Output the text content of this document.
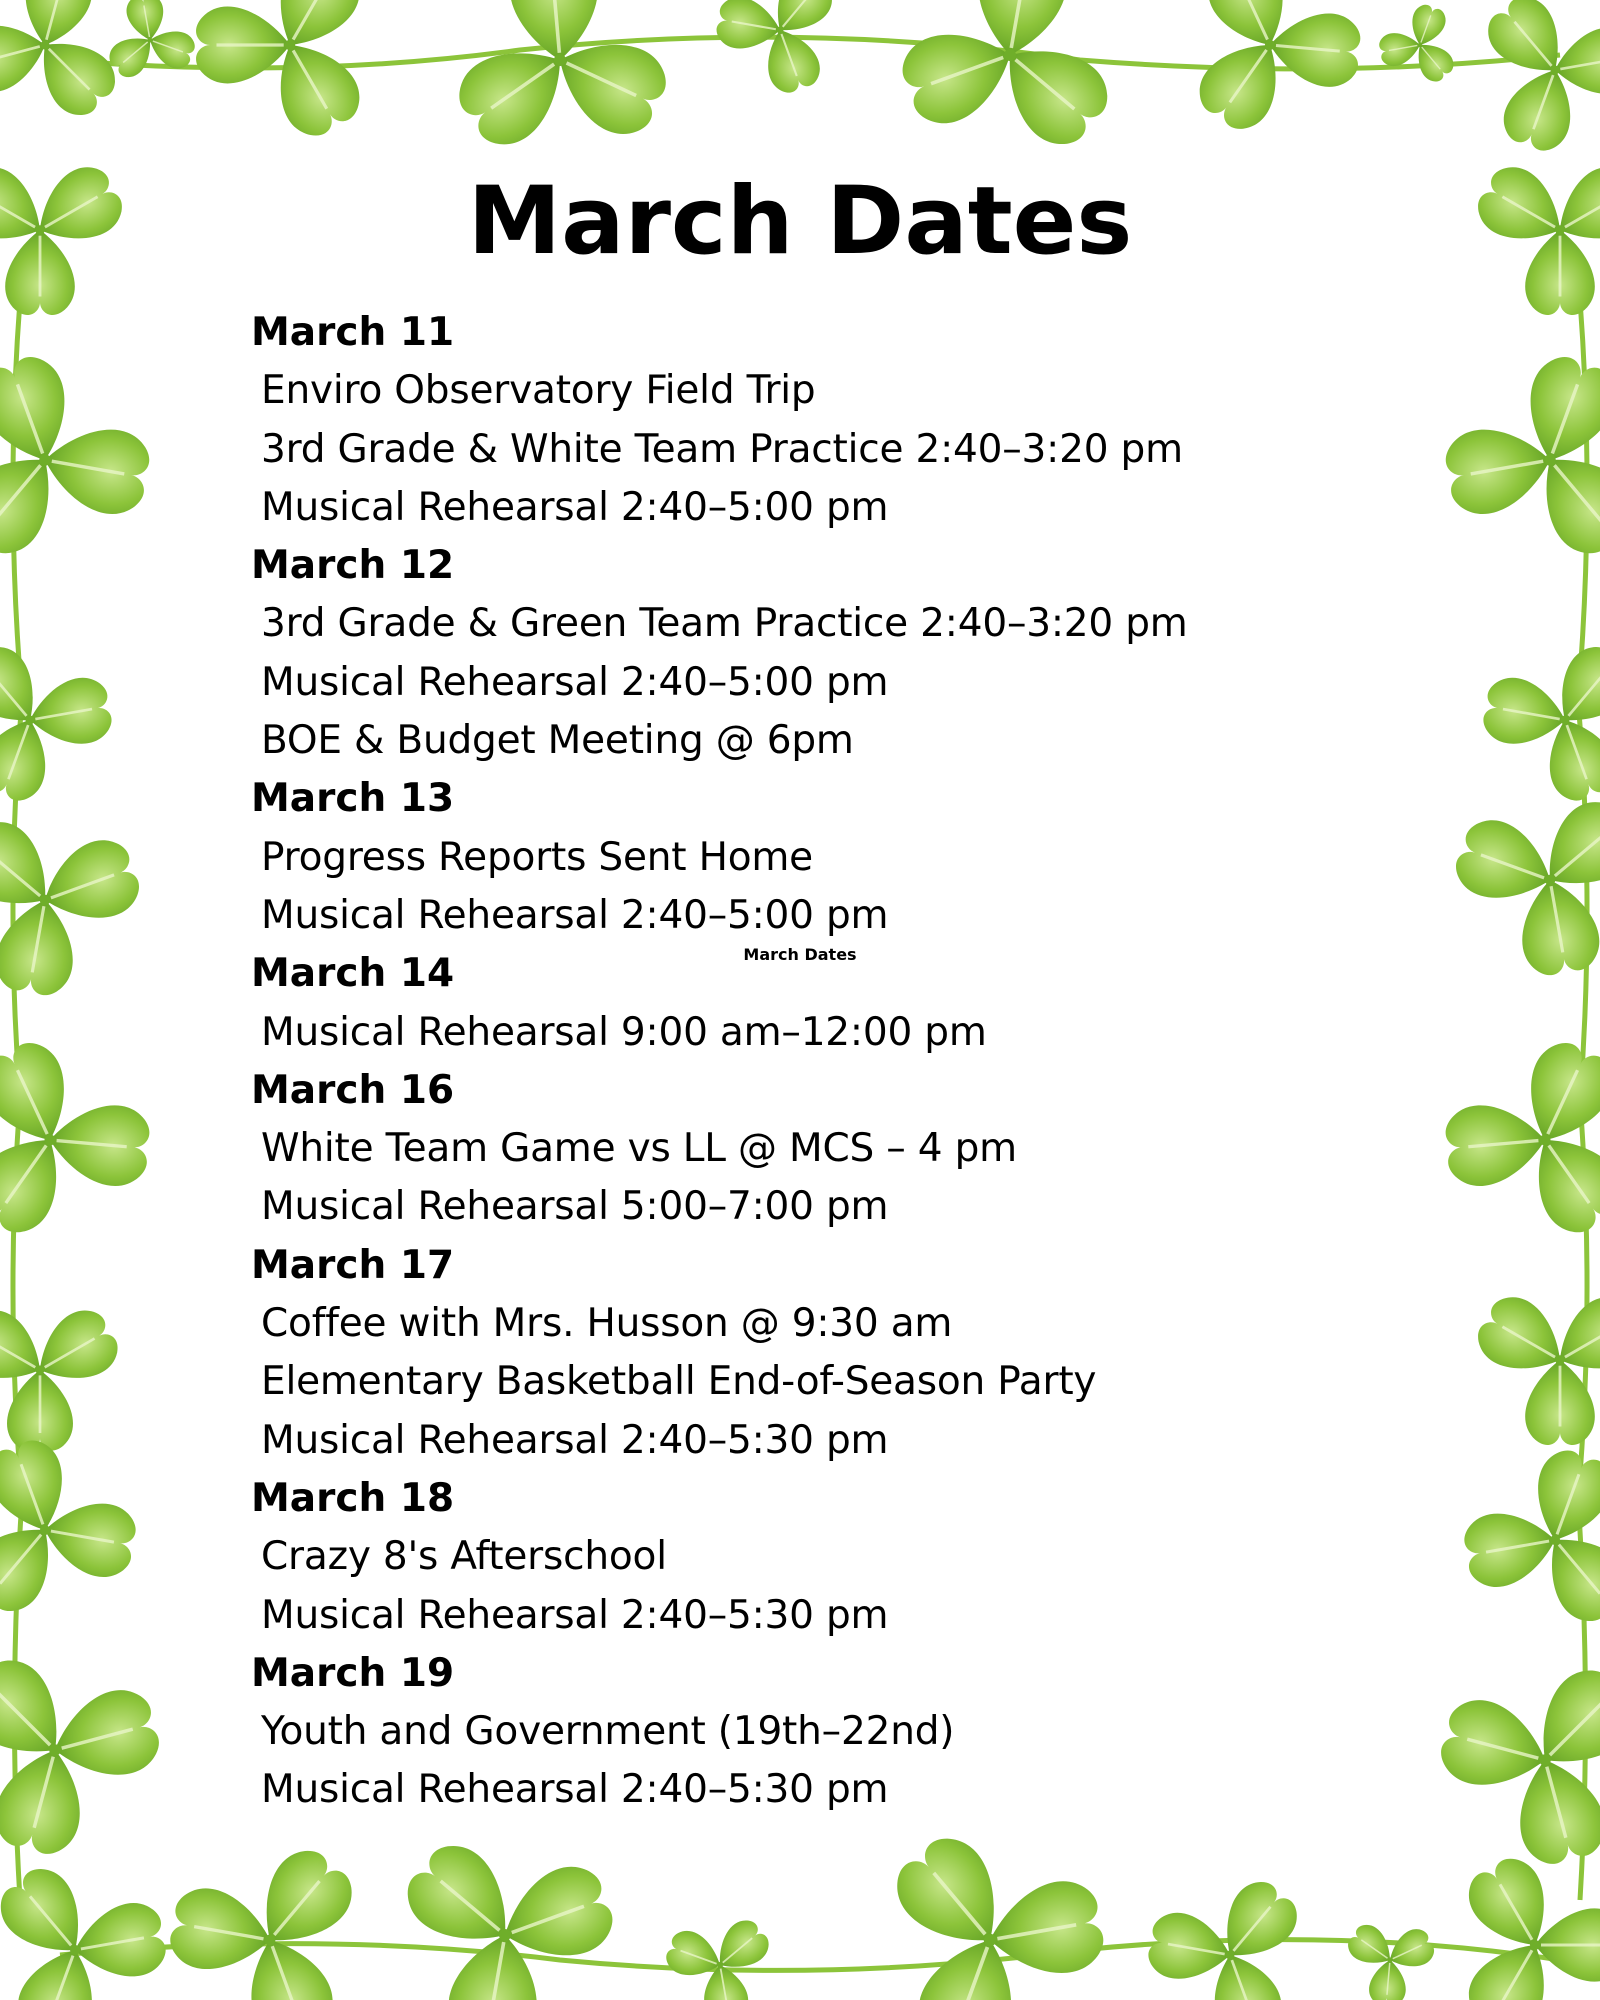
March Dates
March Dates
March 11
Enviro Observatory Field Trip
3rd Grade & White Team Practice 2:40–3:20 pm
Musical Rehearsal 2:40–5:00 pm
March 12
3rd Grade & Green Team Practice 2:40–3:20 pm
Musical Rehearsal 2:40–5:00 pm
BOE & Budget Meeting @ 6pm
March 13
Progress Reports Sent Home
Musical Rehearsal 2:40–5:00 pm
March 14
Musical Rehearsal 9:00 am–12:00 pm
March 16
White Team Game vs LL @ MCS – 4 pm
Musical Rehearsal 5:00–7:00 pm
March 17
Coffee with Mrs. Husson @ 9:30 am
Elementary Basketball End-of-Season Party
Musical Rehearsal 2:40–5:30 pm
March 18
Crazy 8's Afterschool
Musical Rehearsal 2:40–5:30 pm
March 19
Youth and Government (19th–22nd)
Musical Rehearsal 2:40–5:30 pm
